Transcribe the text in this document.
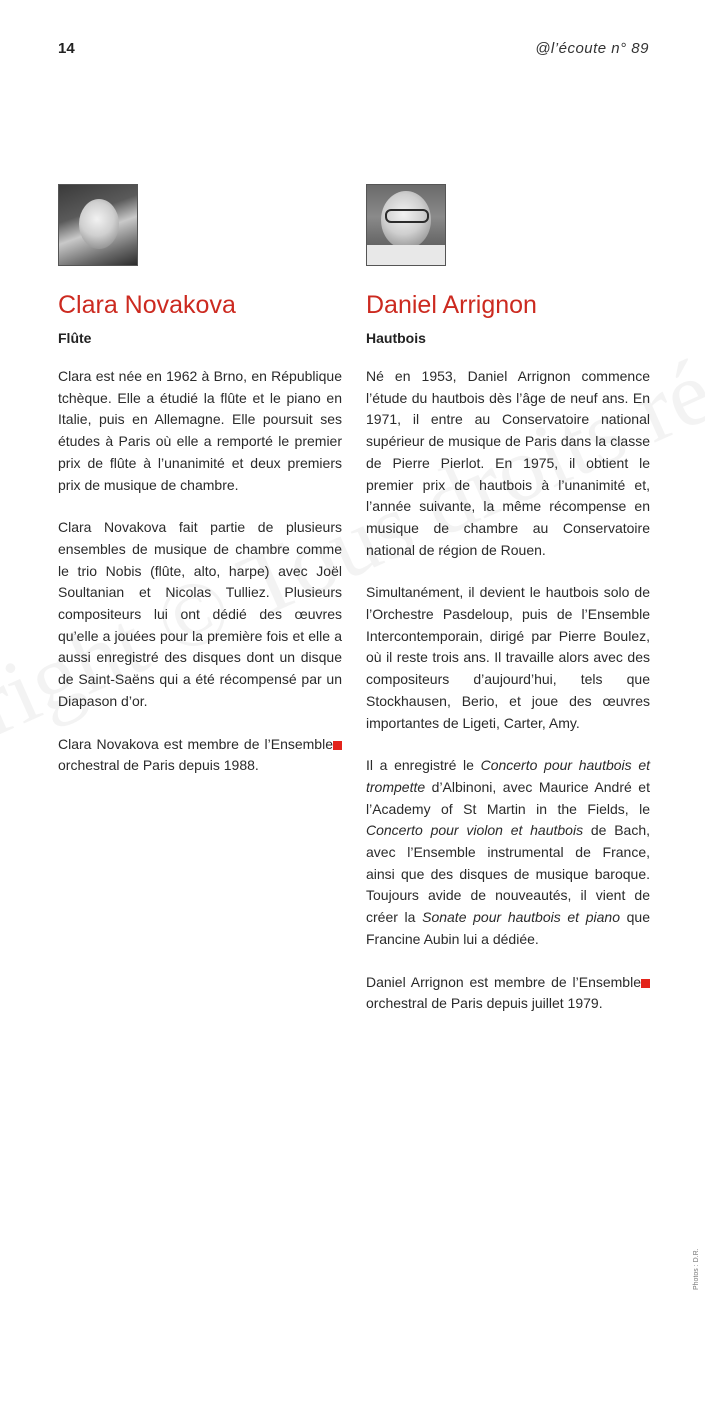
14	@l’écoute n° 89
Clara Novakova
Flûte

Clara est née en 1962 à Brno, en République tchèque. Elle a étudié la flûte et le piano en Italie, puis en Allemagne. Elle poursuit ses études à Paris où elle a remporté le premier prix de flûte à l’unanimité et deux premiers prix de musique de chambre.

Clara Novakova fait partie de plusieurs ensembles de musique de chambre comme le trio Nobis (flûte, alto, harpe) avec Joël Soultanian et Nicolas Tulliez. Plusieurs compositeurs lui ont dédié des œuvres qu’elle a jouées pour la première fois et elle a aussi enregistré des disques dont un disque de Saint-Saëns qui a été récompensé par un Diapason d’or.

Clara Novakova est membre de l’Ensemble orchestral de Paris depuis 1988.

Daniel Arrignon
Hautbois

Né en 1953, Daniel Arrignon commence l’étude du hautbois dès l’âge de neuf ans. En 1971, il entre au Conservatoire national supérieur de musique de Paris dans la classe de Pierre Pierlot. En 1975, il obtient le premier prix de hautbois à l’unanimité et, l’année suivante, la même récompense en musique de chambre au Conservatoire national de région de Rouen.

Simultanément, il devient le hautbois solo de l’Orchestre Pasdeloup, puis de l’Ensemble Intercontemporain, dirigé par Pierre Boulez, où il reste trois ans. Il travaille alors avec des compositeurs d’aujourd’hui, tels que Stockhausen, Berio, et joue des œuvres importantes de Ligeti, Carter, Amy.

Il a enregistré le Concerto pour hautbois et trompette d’Albinoni, avec Maurice André et l’Academy of St Martin in the Fields, le Concerto pour violon et hautbois de Bach, avec l’Ensemble instrumental de France, ainsi que des disques de musique baroque. Toujours avide de nouveautés, il vient de créer la Sonate pour hautbois et piano que Francine Aubin lui a dédiée.

Daniel Arrignon est membre de l’Ensemble orchestral de Paris depuis juillet 1979.

Photos : D.R.
